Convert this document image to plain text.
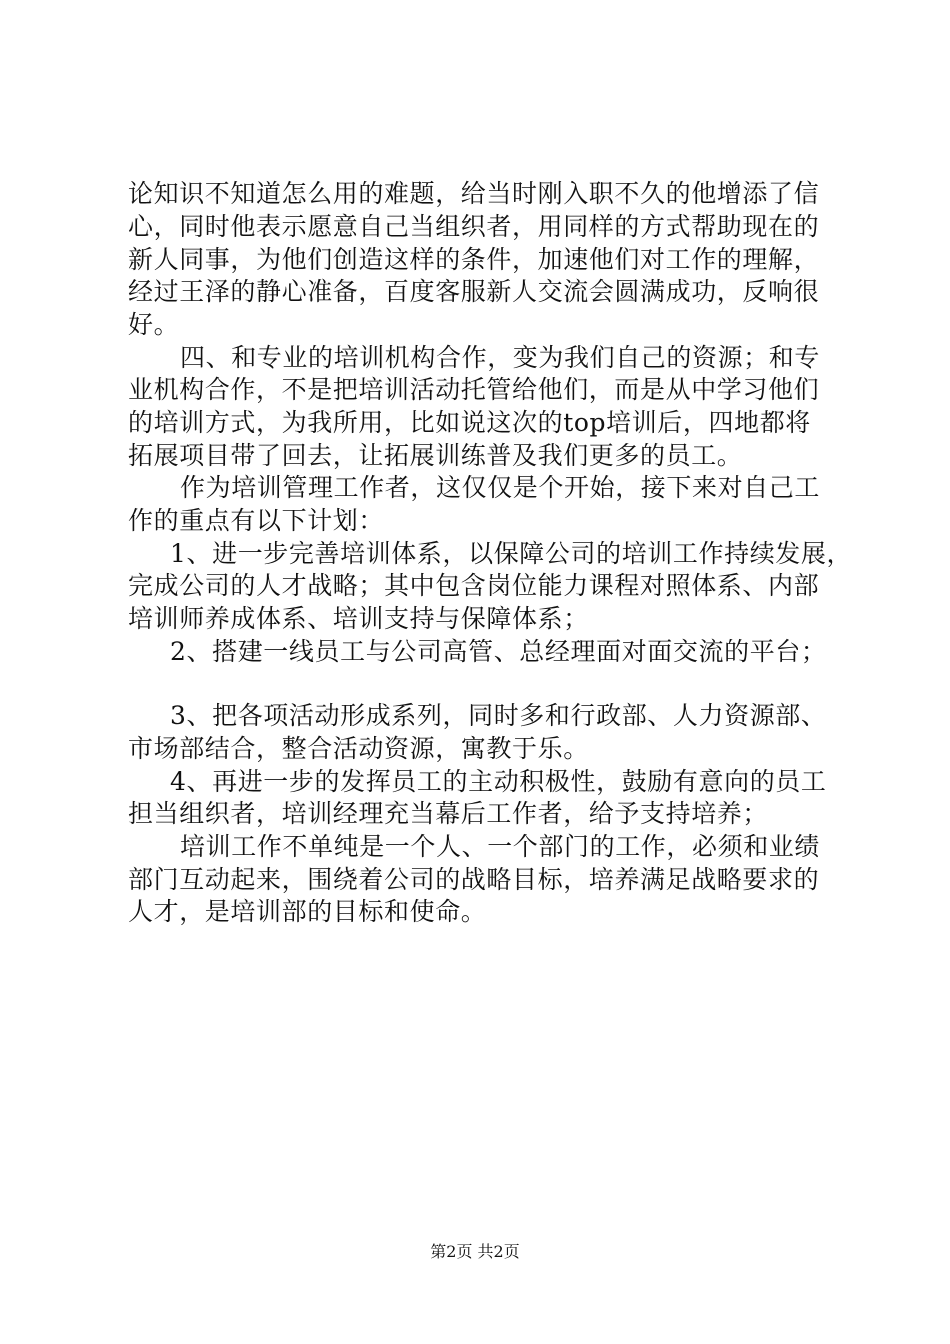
论知识不知道怎么用的难题，给当时刚入职不久的他增添了信
心，同时他表示愿意自己当组织者，用同样的方式帮助现在的
新人同事，为他们创造这样的条件，加速他们对工作的理解，
经过王泽的静心准备，百度客服新人交流会圆满成功，反响很
好。
四、和专业的培训机构合作，变为我们自己的资源；和专
业机构合作，不是把培训活动托管给他们，而是从中学习他们
的培训方式，为我所用，比如说这次的top培训后，四地都将
拓展项目带了回去，让拓展训练普及我们更多的员工。
作为培训管理工作者，这仅仅是个开始，接下来对自己工
作的重点有以下计划：
1、进一步完善培训体系，以保障公司的培训工作持续发展，
完成公司的人才战略；其中包含岗位能力课程对照体系、内部
培训师养成体系、培训支持与保障体系；
2、搭建一线员工与公司高管、总经理面对面交流的平台；
3、把各项活动形成系列，同时多和行政部、人力资源部、
市场部结合，整合活动资源，寓教于乐。
4、再进一步的发挥员工的主动积极性，鼓励有意向的员工
担当组织者，培训经理充当幕后工作者，给予支持培养；
培训工作不单纯是一个人、一个部门的工作，必须和业绩
部门互动起来，围绕着公司的战略目标，培养满足战略要求的
人才，是培训部的目标和使命。
第2页 共2页
